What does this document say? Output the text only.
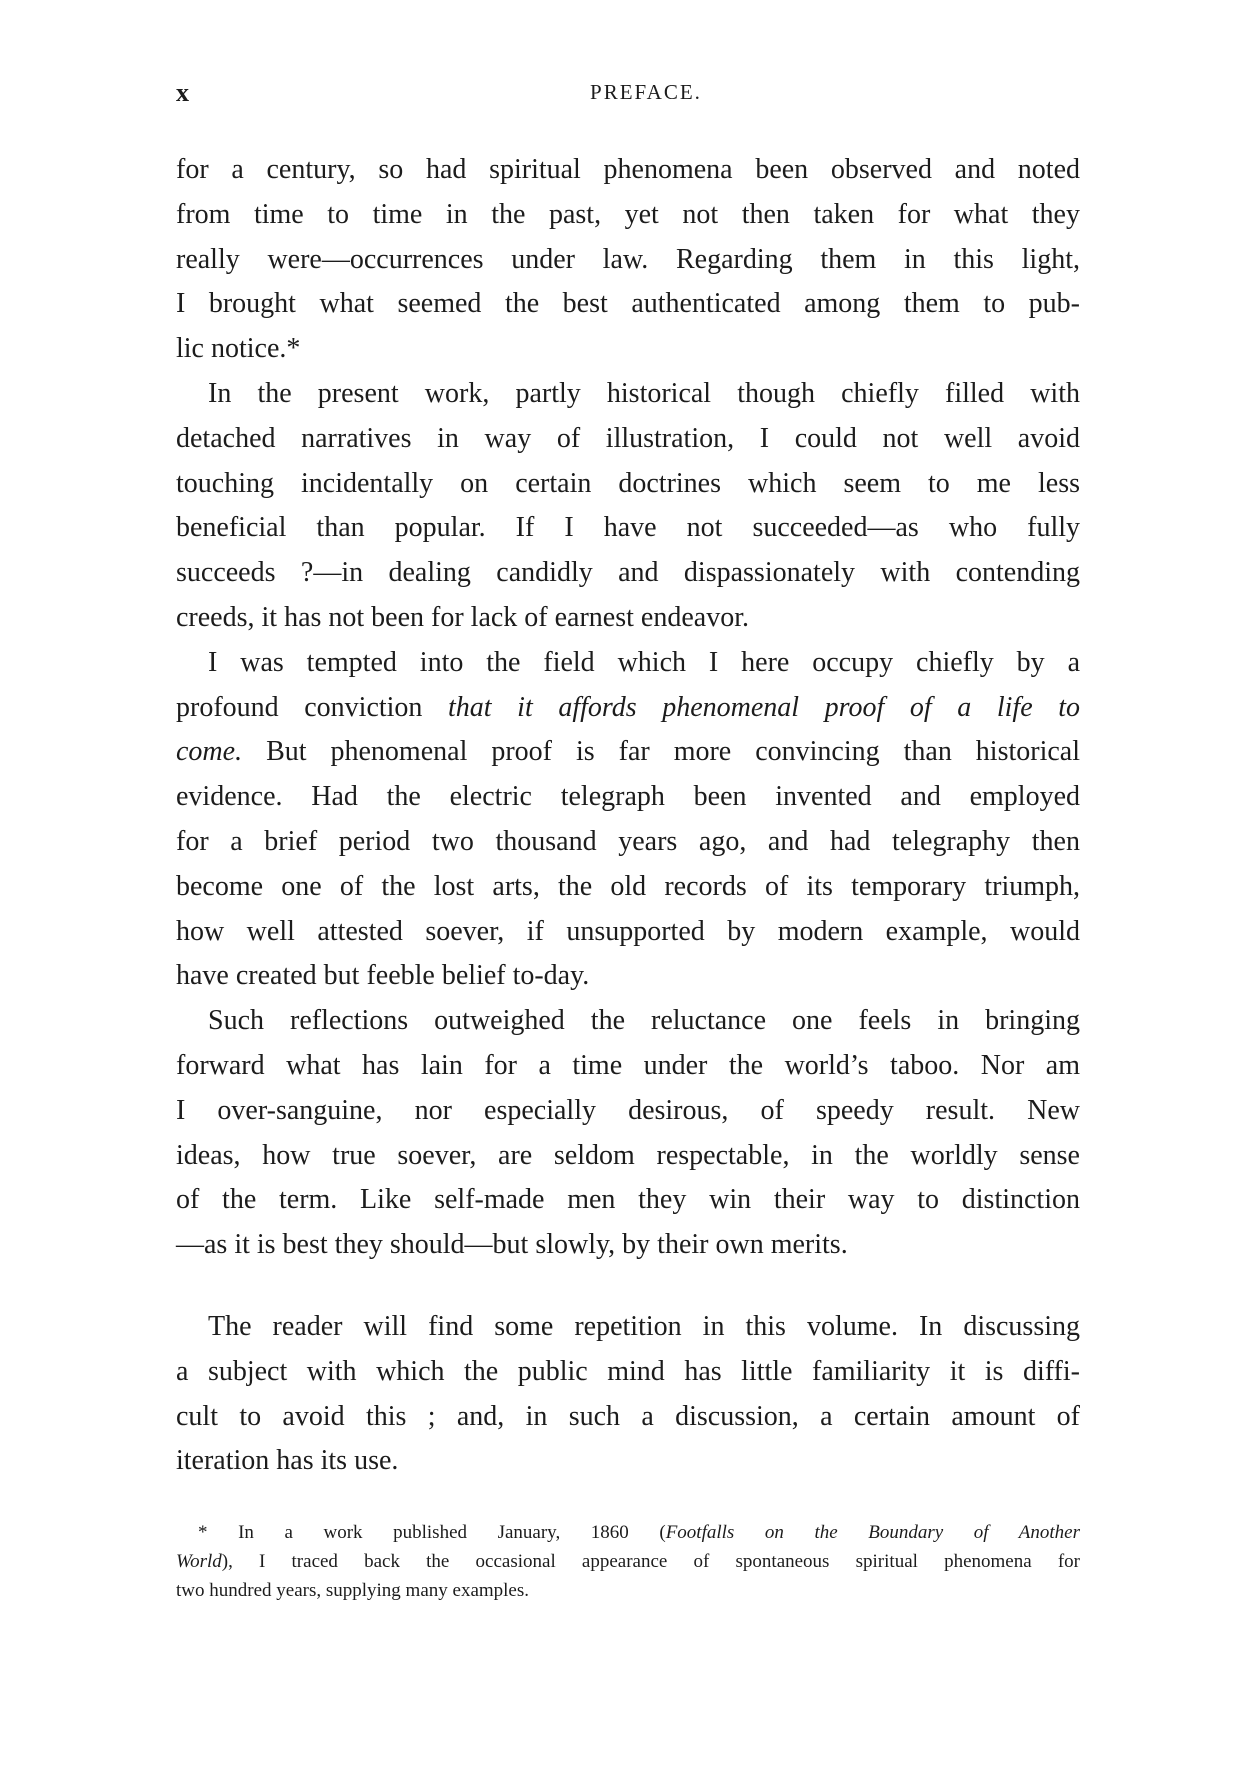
x	PREFACE.
for a century, so had spiritual phenomena been observed and noted
from time to time in the past, yet not then taken for what they
really were—occurrences under law. Regarding them in this light,
I brought what seemed the best authenticated among them to pub-
lic notice.*
In the present work, partly historical though chiefly filled with
detached narratives in way of illustration, I could not well avoid
touching incidentally on certain doctrines which seem to me less
beneficial than popular. If I have not succeeded—as who fully
succeeds ?—in dealing candidly and dispassionately with contending
creeds, it has not been for lack of earnest endeavor.
I was tempted into the field which I here occupy chiefly by a
profound conviction that it affords phenomenal proof of a life to
come. But phenomenal proof is far more convincing than historical
evidence. Had the electric telegraph been invented and employed
for a brief period two thousand years ago, and had telegraphy then
become one of the lost arts, the old records of its temporary triumph,
how well attested soever, if unsupported by modern example, would
have created but feeble belief to-day.
Such reflections outweighed the reluctance one feels in bringing
forward what has lain for a time under the world’s taboo. Nor am
I over-sanguine, nor especially desirous, of speedy result. New
ideas, how true soever, are seldom respectable, in the worldly sense
of the term. Like self-made men they win their way to distinction
—as it is best they should—but slowly, by their own merits.
The reader will find some repetition in this volume. In discussing
a subject with which the public mind has little familiarity it is diffi-
cult to avoid this ; and, in such a discussion, a certain amount of
iteration has its use.
* In a work published January, 1860 (Footfalls on the Boundary of Another
World), I traced back the occasional appearance of spontaneous spiritual phenomena for
two hundred years, supplying many examples.
